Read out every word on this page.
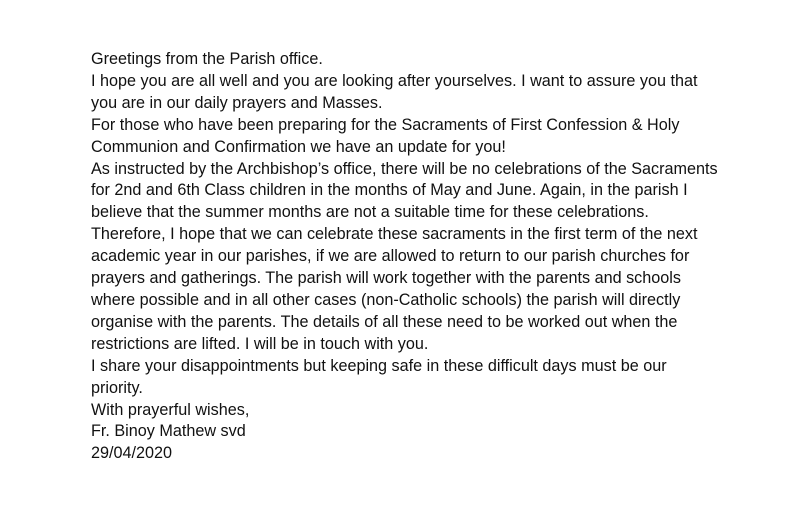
Greetings from the Parish office.
I hope you are all well and you are looking after yourselves. I want to assure you that
you are in our daily prayers and Masses.
For those who have been preparing for the Sacraments of First Confession & Holy
Communion and Confirmation we have an update for you!
As instructed by the Archbishop’s office, there will be no celebrations of the Sacraments
for 2nd and 6th Class children in the months of May and June. Again, in the parish I
believe that the summer months are not a suitable time for these celebrations.
Therefore, I hope that we can celebrate these sacraments in the first term of the next
academic year in our parishes, if we are allowed to return to our parish churches for
prayers and gatherings. The parish will work together with the parents and schools
where possible and in all other cases (non-Catholic schools) the parish will directly
organise with the parents. The details of all these need to be worked out when the
restrictions are lifted. I will be in touch with you.
I share your disappointments but keeping safe in these difficult days must be our
priority.
With prayerful wishes,
Fr. Binoy Mathew svd
29/04/2020
